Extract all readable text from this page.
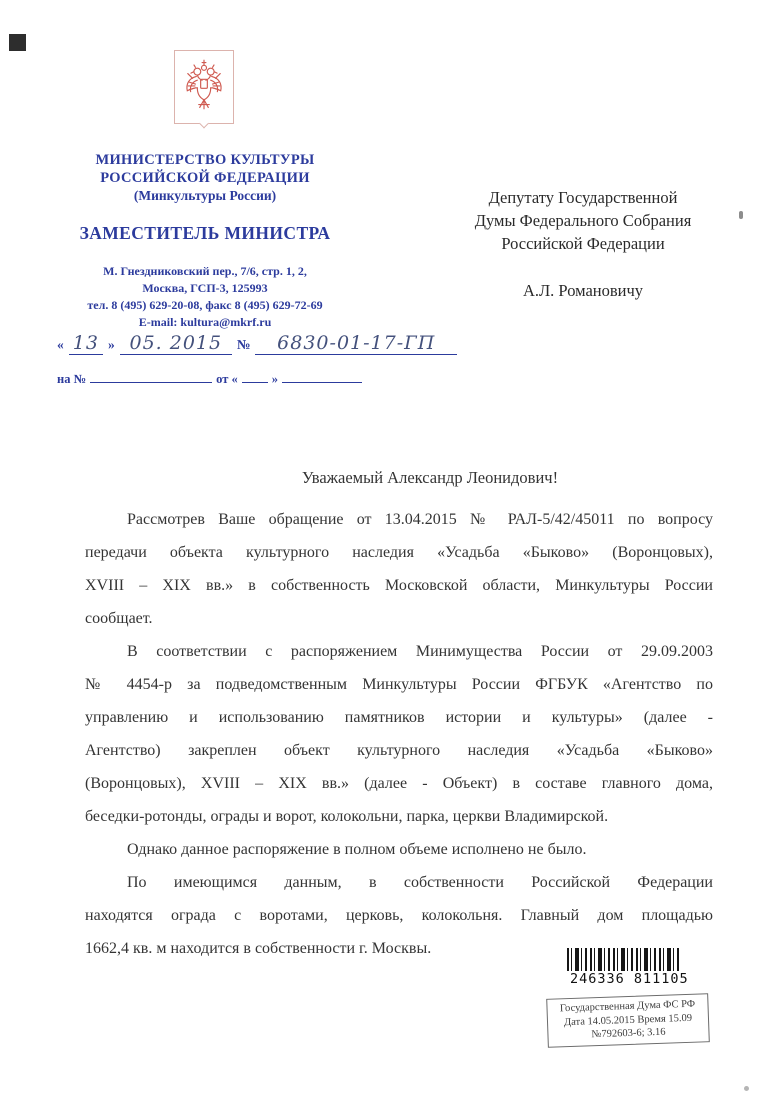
МИНИСТЕРСТВО КУЛЬТУРЫ
РОССИЙСКОЙ ФЕДЕРАЦИИ
(Минкультуры России)
ЗАМЕСТИТЕЛЬ МИНИСТРА
М. Гнездниковский пер., 7/6, стр. 1, 2,
Москва, ГСП-3, 125993
тел. 8 (495) 629-20-08, факс 8 (495) 629-72-69
E-mail: kultura@mkrf.ru
Депутату Государственной
Думы Федерального Собрания
Российской Федерации
А.Л. Романовичу
« 13 » 05. 2015	№	6830-01-17-ГП
на №	от «	»
Уважаемый Александр Леонидович!
Рассмотрев Ваше обращение от 13.04.2015 № РАЛ-5/42/45011 по вопросу
передачи объекта культурного наследия «Усадьба «Быково» (Воронцовых),
XVIII – XIX вв.» в собственность Московской области, Минкультуры России
сообщает.
В соответствии с распоряжением Минимущества России от 29.09.2003
№ 4454-р за подведомственным Минкультуры России ФГБУК «Агентство по
управлению и использованию памятников истории и культуры» (далее -
Агентство) закреплен объект культурного наследия «Усадьба «Быково»
(Воронцовых), XVIII – XIX вв.» (далее - Объект) в составе главного дома,
беседки-ротонды, ограды и ворот, колокольни, парка, церкви Владимирской.
Однако данное распоряжение в полном объеме исполнено не было.
По имеющимся данным, в собственности Российской Федерации
находятся ограда с воротами, церковь, колокольня. Главный дом площадью
1662,4 кв. м находится в собственности г. Москвы.
246336 811105
Государственная Дума ФС РФ
Дата 14.05.2015 Время 15.09
№792603-6; 3.16
